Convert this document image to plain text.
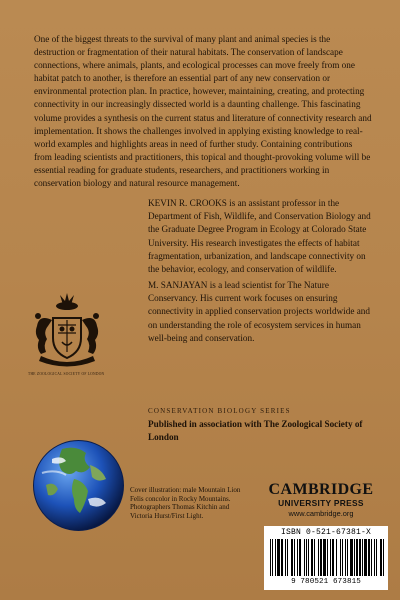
One of the biggest threats to the survival of many plant and animal species is the destruction or fragmentation of their natural habitats. The conservation of landscape connections, where animals, plants, and ecological processes can move freely from one habitat patch to another, is therefore an essential part of any new conservation or environmental protection plan. In practice, however, maintaining, creating, and protecting connectivity in our increasingly dissected world is a daunting challenge. This fascinating volume provides a synthesis on the current status and literature of connectivity research and implementation. It shows the challenges involved in applying existing knowledge to real-world examples and highlights areas in need of further study. Containing contributions from leading scientists and practitioners, this topical and thought-provoking volume will be essential reading for graduate students, researchers, and practitioners working in conservation biology and natural resource management.

KEVIN R. CROOKS is an assistant professor in the Department of Fish, Wildlife, and Conservation Biology and the Graduate Degree Program in Ecology at Colorado State University. His research investigates the effects of habitat fragmentation, urbanization, and landscape connectivity on the behavior, ecology, and conservation of wildlife.

THE ZOOLOGICAL SOCIETY OF LONDON

M. SANJAYAN is a lead scientist for The Nature Conservancy. His current work focuses on ensuring connectivity in applied conservation projects worldwide and on understanding the role of ecosystem services in human well-being and conservation.

CONSERVATION BIOLOGY SERIES

Published in association with The Zoological Society of London

Cover illustration: male Mountain Lion Felis concolor in Rocky Mountains. Photographers Thomas Kitchin and Victoria Hurst/First Light.

CAMBRIDGE
UNIVERSITY PRESS
www.cambridge.org

ISBN 0-521-67381-X

9 780521 673815
